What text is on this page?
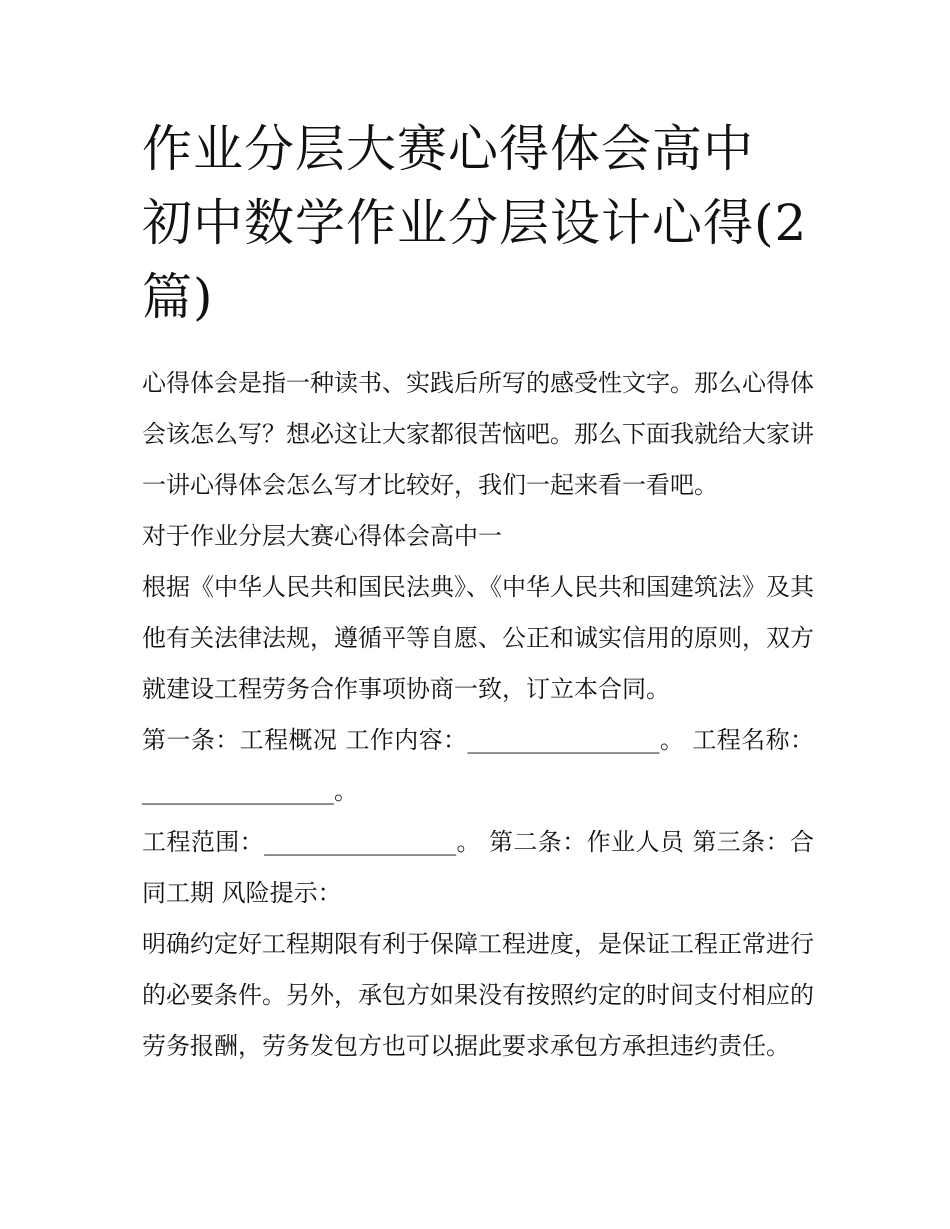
作业分层大赛心得体会高中 初中数学作业分层设计心得(2篇)

心得体会是指一种读书、实践后所写的感受性文字。那么心得体会该怎么写？想必这让大家都很苦恼吧。那么下面我就给大家讲一讲心得体会怎么写才比较好，我们一起来看一看吧。

对于作业分层大赛心得体会高中一

根据《中华人民共和国民法典》、《中华人民共和国建筑法》及其他有关法律法规，遵循平等自愿、公正和诚实信用的原则，双方就建设工程劳务合作事项协商一致，订立本合同。

第一条：工程概况 工作内容：________________。 工程名称：________________。

工程范围：________________。 第二条：作业人员 第三条：合同工期 风险提示：

明确约定好工程期限有利于保障工程进度，是保证工程正常进行的必要条件。另外，承包方如果没有按照约定的时间支付相应的劳务报酬，劳务发包方也可以据此要求承包方承担违约责任。
